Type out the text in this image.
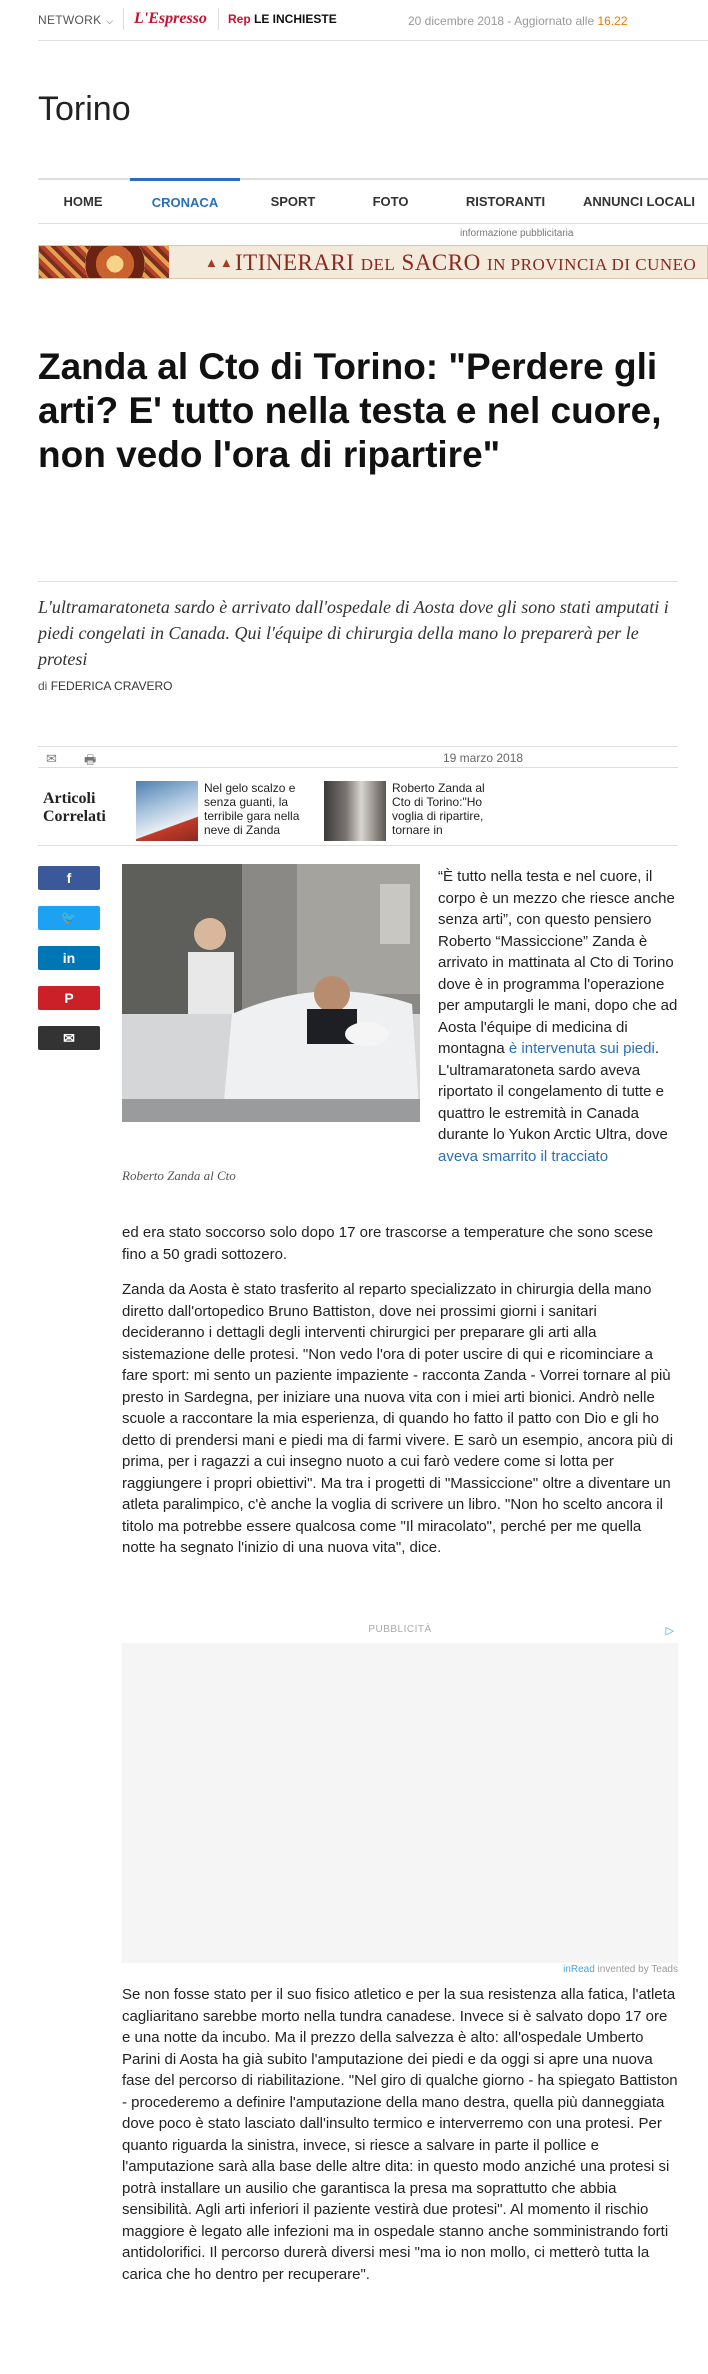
NETWORK ⌵ L'Espresso Rep LE INCHIESTE	20 dicembre 2018 - Aggiornato alle 16.22
Torino
HOME	CRONACA	SPORT	FOTO	RISTORANTI	ANNUNCI LOCALI
informazione pubblicitaria
▲▲ ITINERARI DEL SACRO IN PROVINCIA DI CUNEO
Zanda al Cto di Torino: "Perdere gli arti? E' tutto nella testa e nel cuore, non vedo l'ora di ripartire"

L'ultramaratoneta sardo è arrivato dall'ospedale di Aosta dove gli sono stati amputati i piedi congelati in Canada. Qui l'équipe di chirurgia della mano lo preparerà per le protesi

di FEDERICA CRAVERO
✉ 🖶	19 marzo 2018
Articoli
Correlati
Nel gelo scalzo e senza guanti, la terribile gara nella neve di Zanda
Roberto Zanda al Cto di Torino:"Ho voglia di ripartire, tornare in
f
🐦
in
P
✉
Roberto Zanda al Cto

“È tutto nella testa e nel cuore, il corpo è un mezzo che riesce anche senza arti”, con questo pensiero Roberto “Massiccione” Zanda è arrivato in mattinata al Cto di Torino dove è in programma l'operazione per amputargli le mani, dopo che ad Aosta l'équipe di medicina di montagna è intervenuta sui piedi. L'ultramaratoneta sardo aveva riportato il congelamento di tutte e quattro le estremità in Canada durante lo Yukon Arctic Ultra, dove aveva smarrito il tracciato

ed era stato soccorso solo dopo 17 ore trascorse a temperature che sono scese fino a 50 gradi sottozero.

Zanda da Aosta è stato trasferito al reparto specializzato in chirurgia della mano diretto dall'ortopedico Bruno Battiston, dove nei prossimi giorni i sanitari decideranno i dettagli degli interventi chirurgici per preparare gli arti alla sistemazione delle protesi. "Non vedo l'ora di poter uscire di qui e ricominciare a fare sport: mi sento un paziente impaziente - racconta Zanda - Vorrei tornare al più presto in Sardegna, per iniziare una nuova vita con i miei arti bionici. Andrò nelle scuole a raccontare la mia esperienza, di quando ho fatto il patto con Dio e gli ho detto di prendersi mani e piedi ma di farmi vivere. E sarò un esempio, ancora più di prima, per i ragazzi a cui insegno nuoto a cui farò vedere come si lotta per raggiungere i propri obiettivi". Ma tra i progetti di "Massiccione" oltre a diventare un atleta paralimpico, c'è anche la voglia di scrivere un libro. "Non ho scelto ancora il titolo ma potrebbe essere qualcosa come "Il miracolato", perché per me quella notte ha segnato l'inizio di una nuova vita", dice.

PUBBLICITÀ	▷
inRead invented by Teads

Se non fosse stato per il suo fisico atletico e per la sua resistenza alla fatica, l'atleta cagliaritano sarebbe morto nella tundra canadese. Invece si è salvato dopo 17 ore e una notte da incubo. Ma il prezzo della salvezza è alto: all'ospedale Umberto Parini di Aosta ha già subito l'amputazione dei piedi e da oggi si apre una nuova fase del percorso di riabilitazione. "Nel giro di qualche giorno - ha spiegato Battiston - procederemo a definire l'amputazione della mano destra, quella più danneggiata dove poco è stato lasciato dall'insulto termico e interverremo con una protesi. Per quanto riguarda la sinistra, invece, si riesce a salvare in parte il pollice e l'amputazione sarà alla base delle altre dita: in questo modo anziché una protesi si potrà installare un ausilio che garantisca la presa ma soprattutto che abbia sensibilità. Agli arti inferiori il paziente vestirà due protesi". Al momento il rischio maggiore è legato alle infezioni ma in ospedale stanno anche somministrando forti antidolorifici. Il percorso durerà diversi mesi "ma io non mollo, ci metterò tutta la carica che ho dentro per recuperare".
